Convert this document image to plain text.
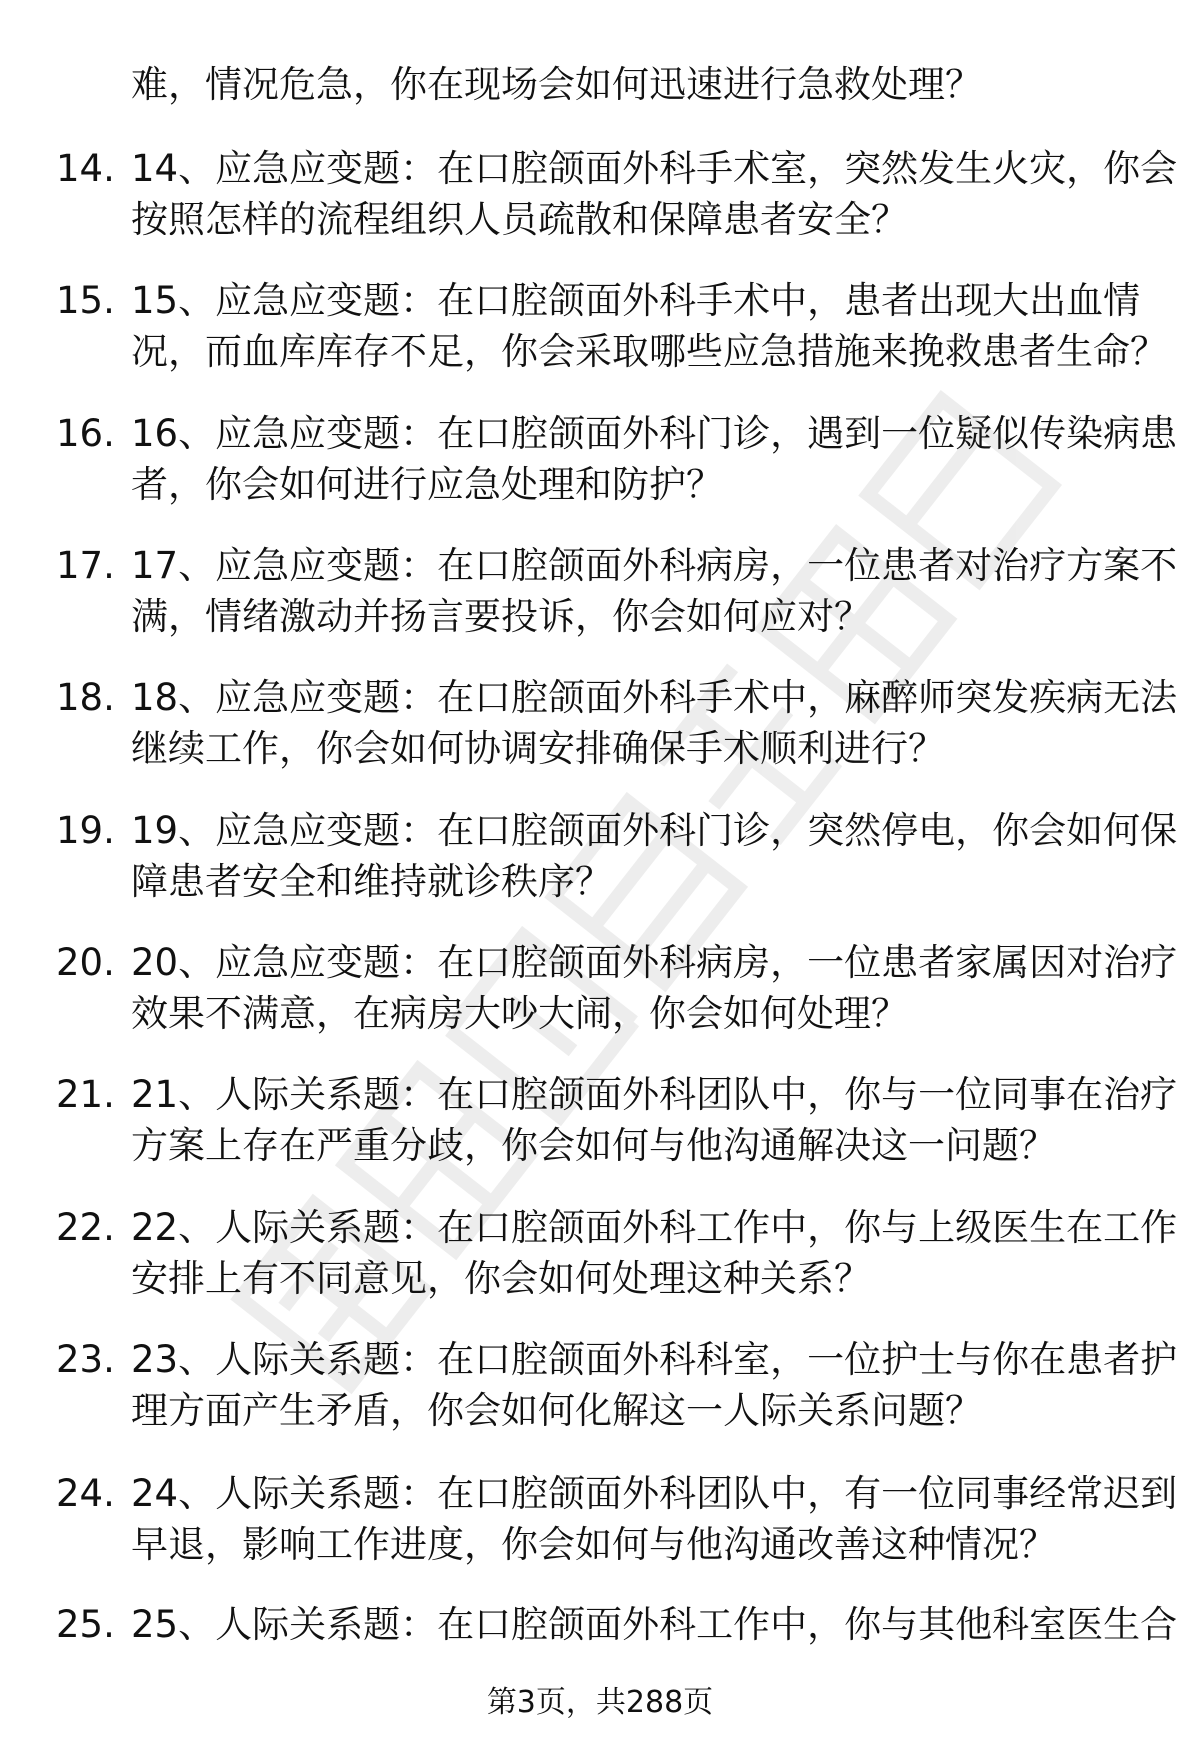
难，情况危急，你在现场会如何迅速进行急救处理？
14. 14、应急应变题：在口腔颌面外科手术室，突然发生火灾，你会
按照怎样的流程组织人员疏散和保障患者安全？
15. 15、应急应变题：在口腔颌面外科手术中，患者出现大出血情
况，而血库库存不足，你会采取哪些应急措施来挽救患者生命？
16. 16、应急应变题：在口腔颌面外科门诊，遇到一位疑似传染病患
者，你会如何进行应急处理和防护？
17. 17、应急应变题：在口腔颌面外科病房，一位患者对治疗方案不
满，情绪激动并扬言要投诉，你会如何应对？
18. 18、应急应变题：在口腔颌面外科手术中，麻醉师突发疾病无法
继续工作，你会如何协调安排确保手术顺利进行？
19. 19、应急应变题：在口腔颌面外科门诊，突然停电，你会如何保
障患者安全和维持就诊秩序？
20. 20、应急应变题：在口腔颌面外科病房，一位患者家属因对治疗
效果不满意，在病房大吵大闹，你会如何处理？
21. 21、人际关系题：在口腔颌面外科团队中，你与一位同事在治疗
方案上存在严重分歧，你会如何与他沟通解决这一问题？
22. 22、人际关系题：在口腔颌面外科工作中，你与上级医生在工作
安排上有不同意见，你会如何处理这种关系？
23. 23、人际关系题：在口腔颌面外科科室，一位护士与你在患者护
理方面产生矛盾，你会如何化解这一人际关系问题？
24. 24、人际关系题：在口腔颌面外科团队中，有一位同事经常迟到
早退，影响工作进度，你会如何与他沟通改善这种情况？
25. 25、人际关系题：在口腔颌面外科工作中，你与其他科室医生合
第3页，共288页
